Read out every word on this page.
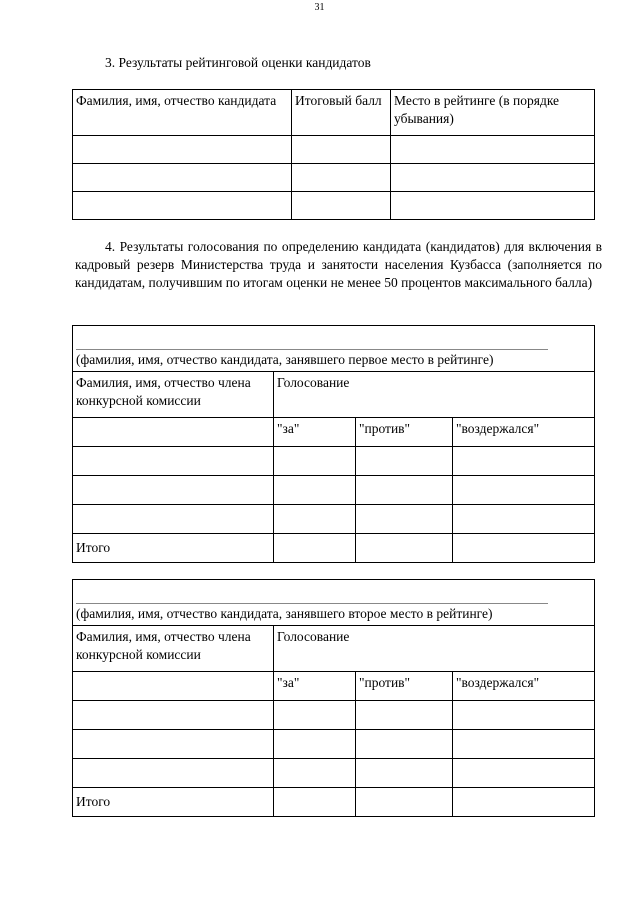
31
3. Результаты рейтинговой оценки кандидатов
Фамилия, имя, отчество кандидата	Итоговый балл	Место в рейтинге (в порядке убывания)

4. Результаты голосования по определению кандидата (кандидатов) для включения в кадровый резерв Министерства труда и занятости населения Кузбасса (заполняется по кандидатам, получившим по итогам оценки не менее 50 процентов максимального балла)
(фамилия, имя, отчество кандидата, занявшего первое место в рейтинге)			

Фамилия, имя, отчество члена конкурсной комиссии	Голосование		
	"за"	"против"	"воздержался"

Итого			
(фамилия, имя, отчество кандидата, занявшего второе место в рейтинге)			

Фамилия, имя, отчество члена конкурсной комиссии	Голосование		
	"за"	"против"	"воздержался"

Итого			
